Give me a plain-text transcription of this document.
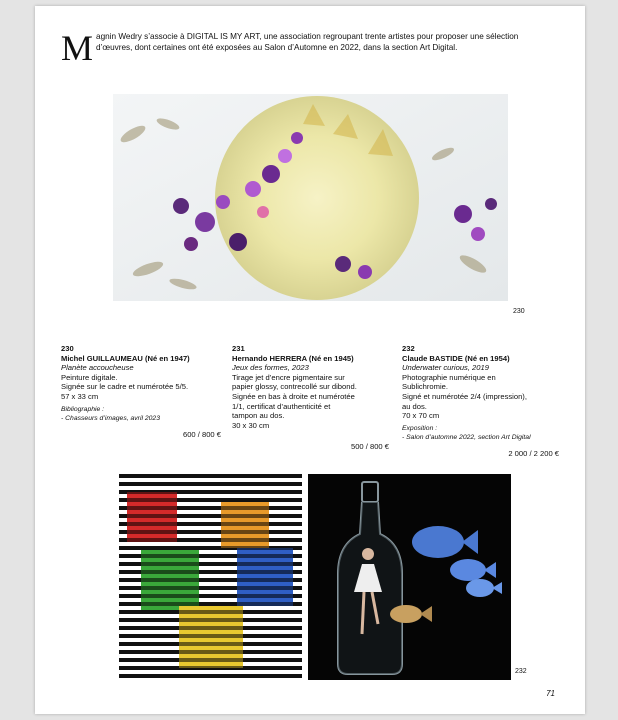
Magnin Wedry s’associe à DIGITAL IS MY ART, une association regroupant trente artistes pour proposer une sélection d’œuvres, dont certaines ont été exposées au Salon d’Automne en 2022, dans la section Art Digital.
230
230
Michel GUILLAUMEAU (Né en 1947)
Planète accoucheuse
Peinture digitale.
Signée sur le cadre et numérotée 5/5.
57 x 33 cm
Bibliographie :
- Chasseurs d’images, avril 2023
600 / 800 €
231
Hernando HERRERA (Né en 1945)
Jeux des formes, 2023
Tirage jet d’encre pigmentaire sur
papier glossy, contrecollé sur dibond.
Signée en bas à droite et numérotée
1/1, certificat d’authenticité et
tampon au dos.
30 x 30 cm
500 / 800 €
232
Claude BASTIDE (Né en 1954)
Underwater curious, 2019
Photographie numérique en
Sublichromie.
Signé et numérotée 2/4 (impression),
au dos.
70 x 70 cm
Exposition :
- Salon d’automne 2022, section Art Digital
2 000 / 2 200 €
232
71
